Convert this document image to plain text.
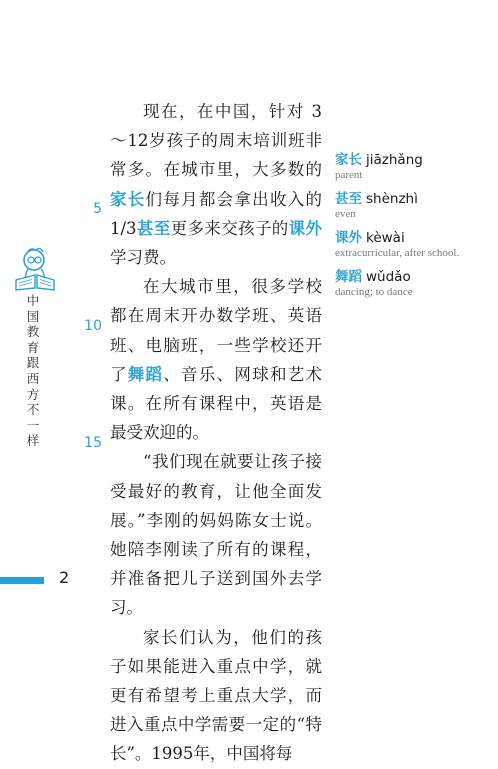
现在，在中国，针对 3～12岁孩子的周末培训班非常多。在城市里，大多数的家长们每月都会拿出收入的1/3甚至更多来交孩子的课外学习费。

在大城市里，很多学校都在周末开办数学班、英语班、电脑班，一些学校还开了舞蹈、音乐、网球和艺术课。在所有课程中，英语是最受欢迎的。

“我们现在就要让孩子接受最好的教育，让他全面发展。”李刚的妈妈陈女士说。她陪李刚读了所有的课程，并准备把儿子送到国外去学习。

家长们认为，他们的孩子如果能进入重点中学，就更有希望考上重点大学，而进入重点中学需要一定的“特长”。1995年，中国将每

5
10
15
家长 jiāzhǎng
parent
甚至 shènzhì
even
课外 kèwài
extracurricular, after school.
舞蹈 wǔdǎo
dancing; to dance
中国教育跟西方不一样
2
